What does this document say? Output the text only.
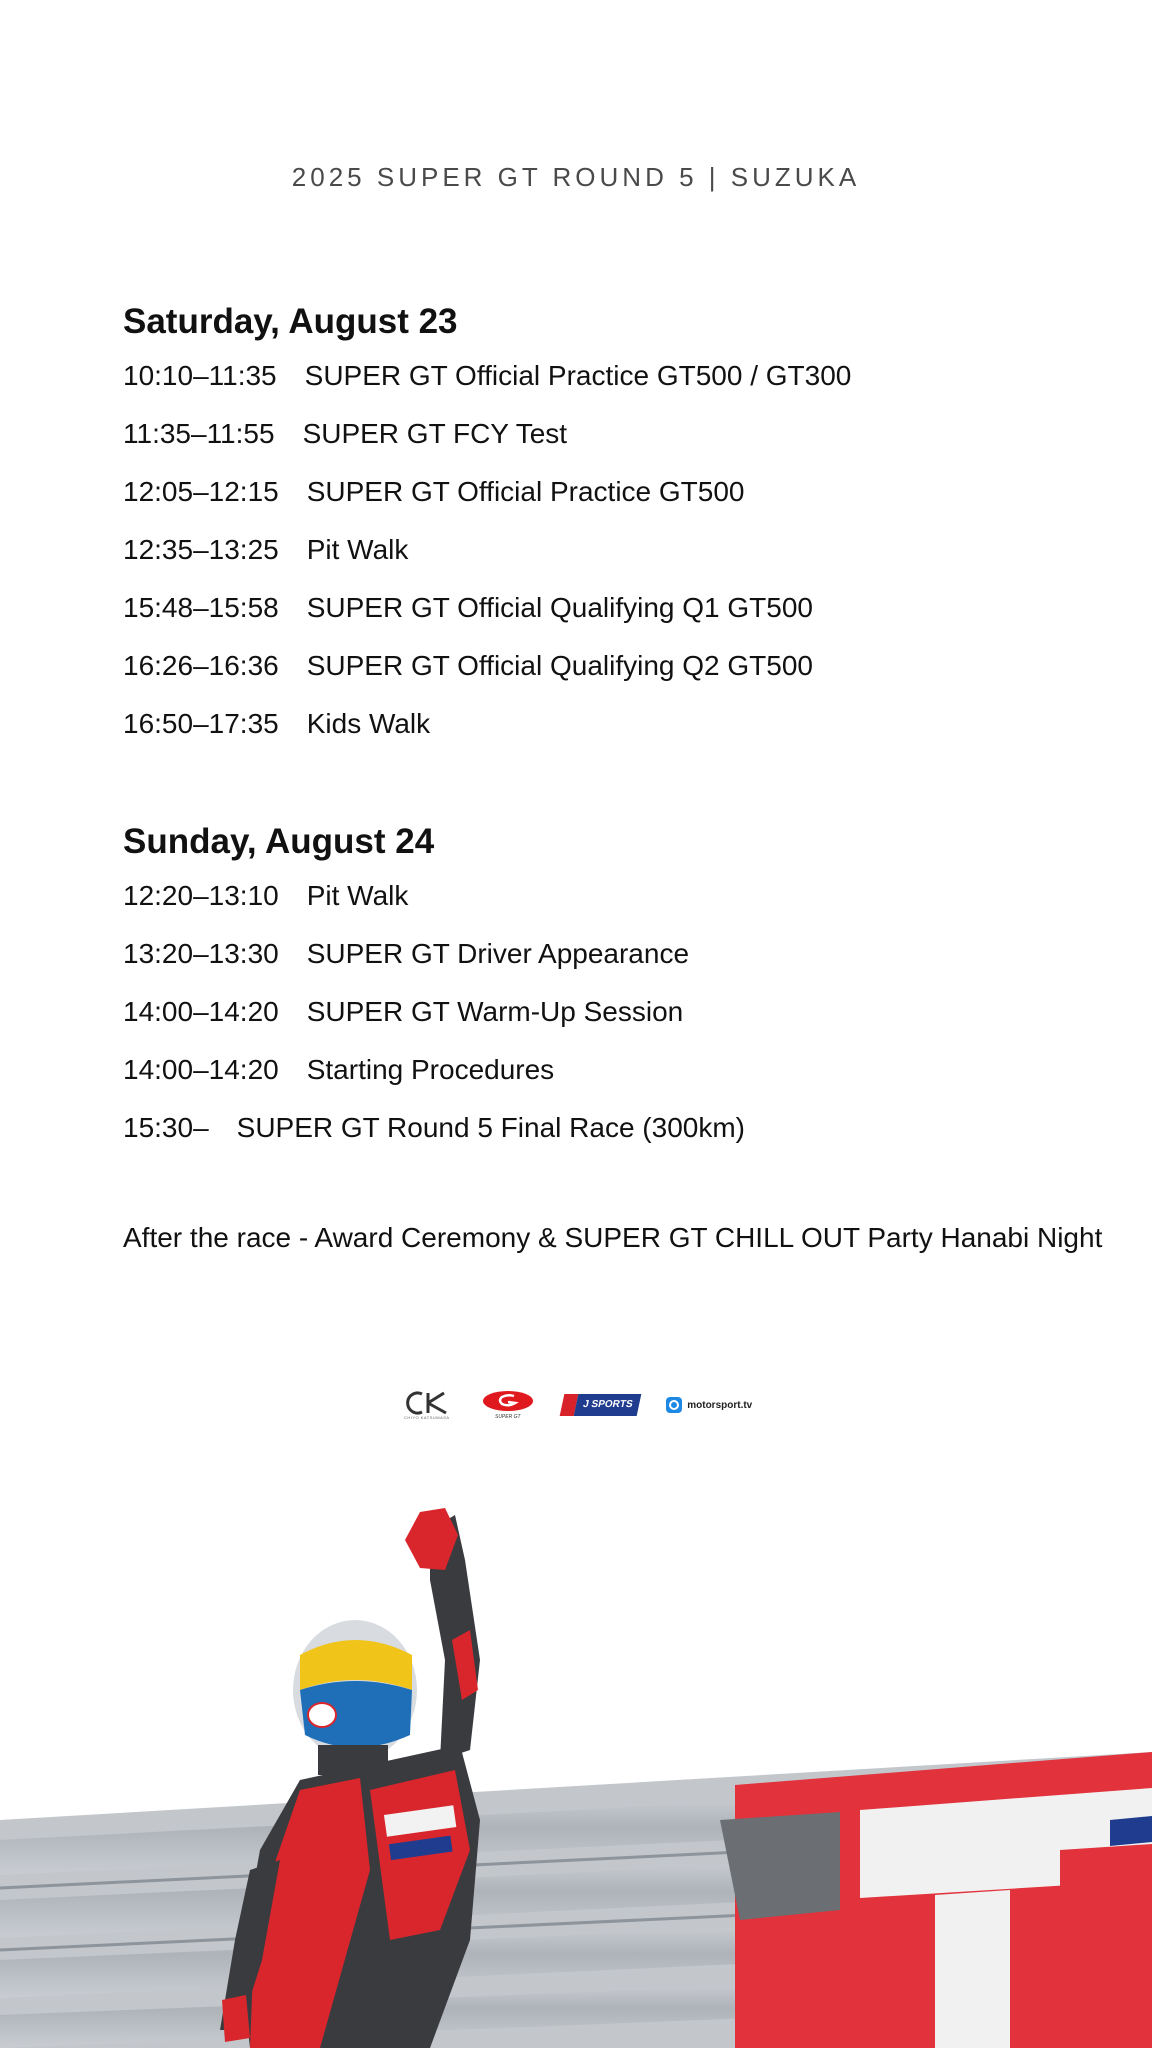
2025 SUPER GT ROUND 5 | SUZUKA
Saturday, August 23
10:10–11:35 SUPER GT Official Practice GT500 / GT300
11:35–11:55 SUPER GT FCY Test
12:05–12:15 SUPER GT Official Practice GT500
12:35–13:25 Pit Walk
15:48–15:58 SUPER GT Official Qualifying Q1 GT500
16:26–16:36 SUPER GT Official Qualifying Q2 GT500
16:50–17:35 Kids Walk
Sunday, August 24
12:20–13:10 Pit Walk
13:20–13:30 SUPER GT Driver Appearance
14:00–14:20 SUPER GT Warm-Up Session
14:00–14:20 Starting Procedures
15:30– SUPER GT Round 5 Final Race (300km)
After the race - Award Ceremony & SUPER GT CHILL OUT Party Hanabi Night
CHIYO KATSUMASA	SUPER GT
J SPORTS	motorsport.tv
